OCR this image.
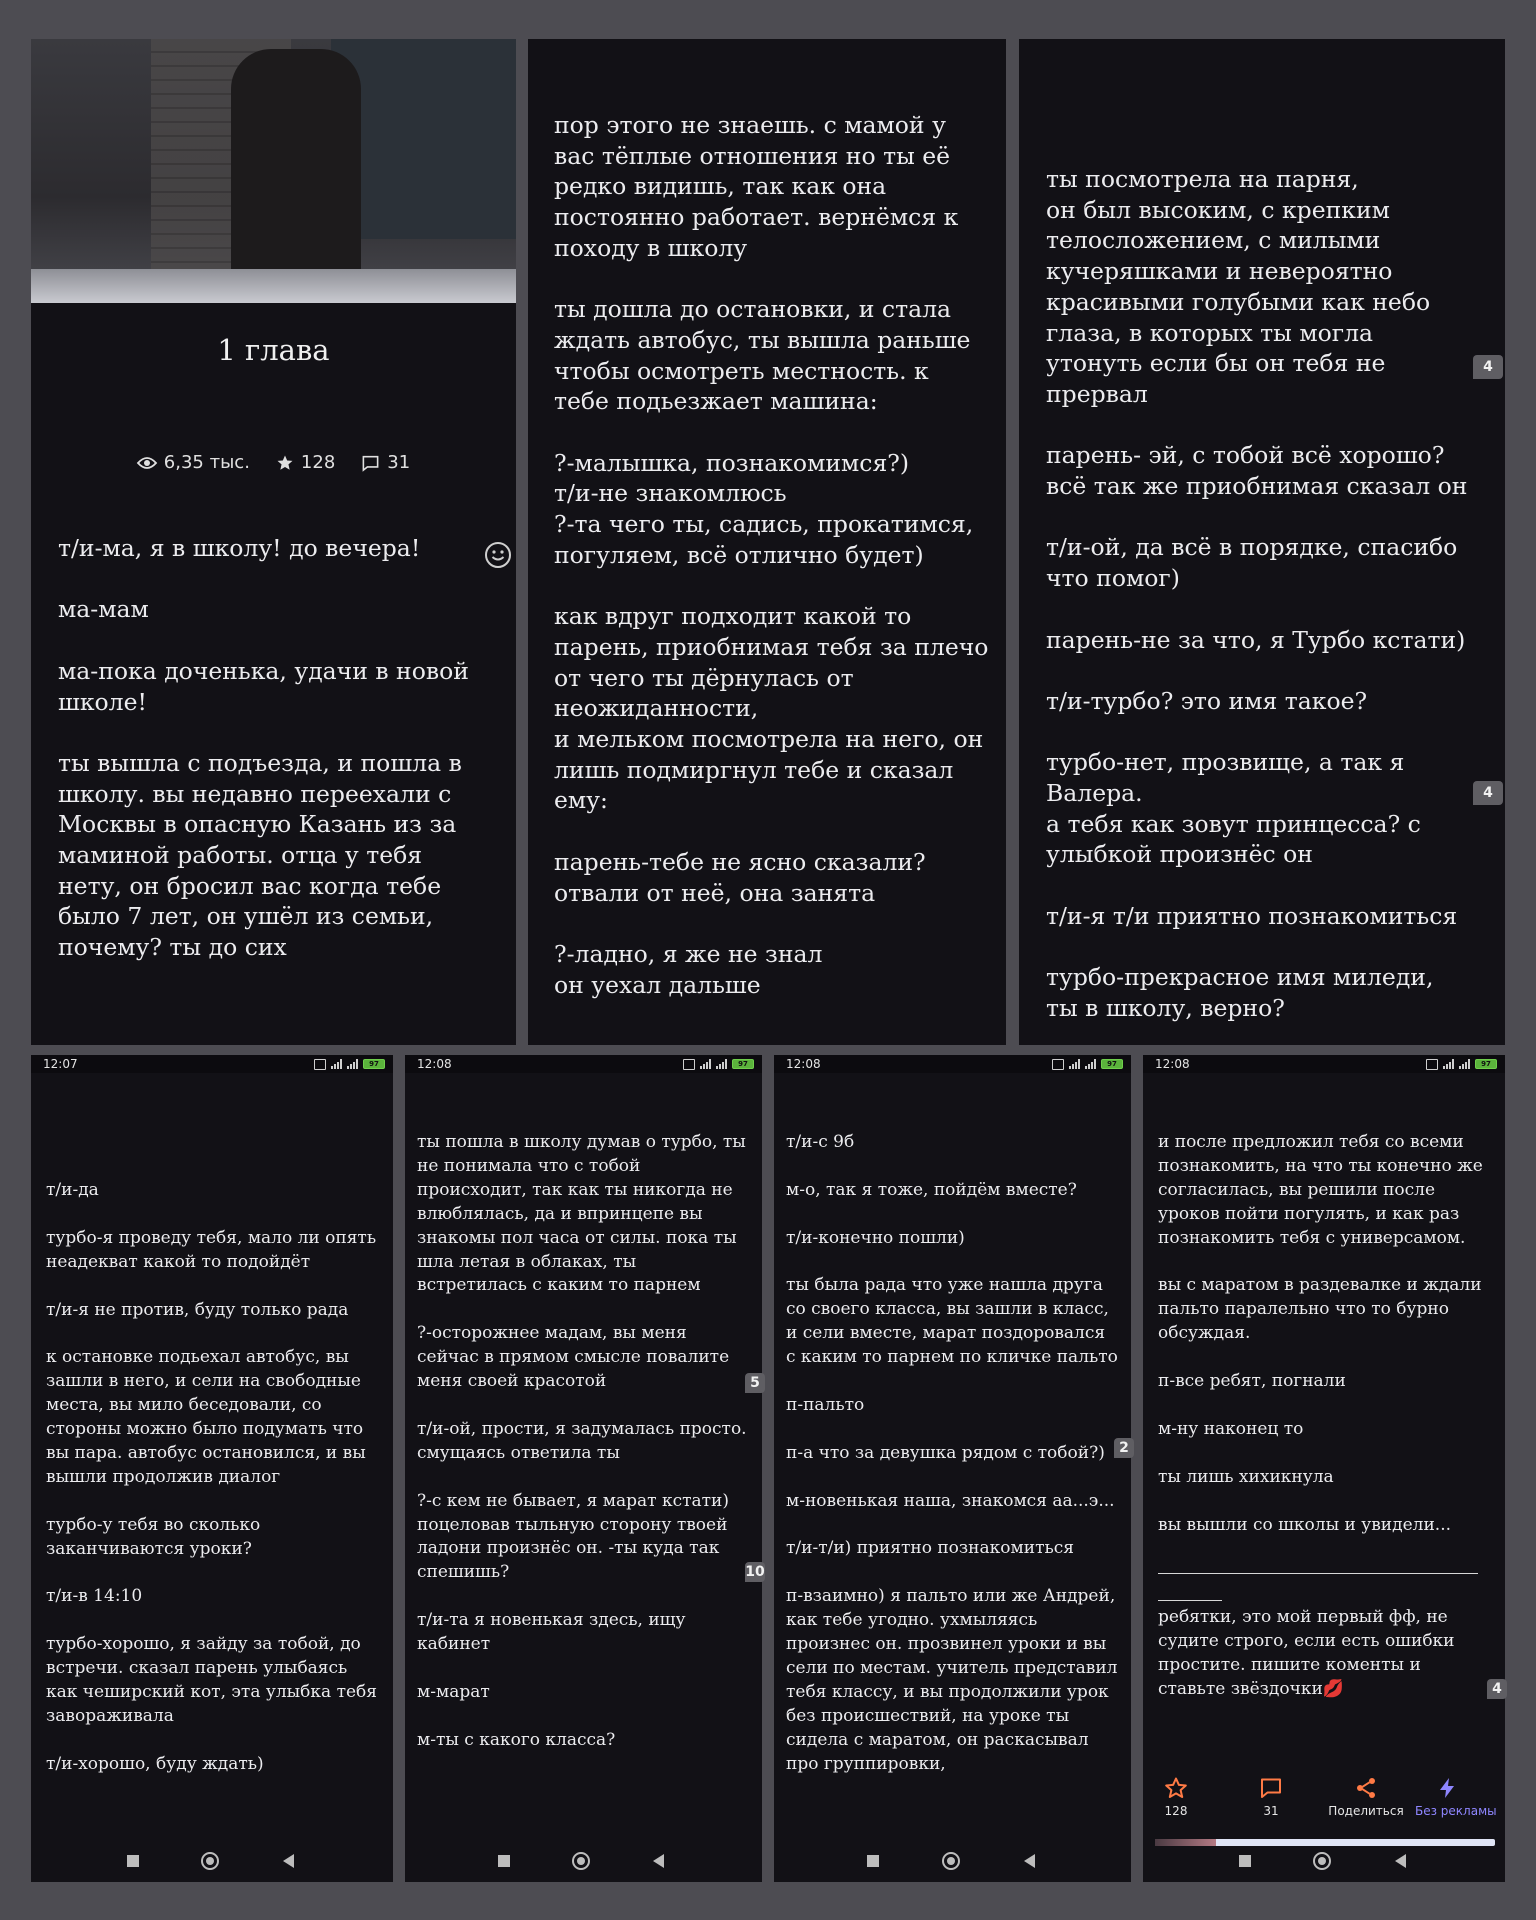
1 глава
6,35 тыс.	128	31

т/и-ма, я в школу! до вечера!

ма-мам

ма-пока доченька, удачи в новой школе!

ты вышла с подъезда, и пошла в школу. вы недавно переехали с Москвы в опасную Казань из за маминой работы. отца у тебя нету, он бросил вас когда тебе было 7 лет, он ушёл из семьи, почему? ты до сих

пор этого не знаешь. с мамой у вас тёплые отношения но ты её редко видишь, так как она постоянно работает. вернёмся к походу в школу

ты дошла до остановки, и стала ждать автобус, ты вышла раньше чтобы осмотреть местность. к тебе подьезжает машина:

?-малышка, познакомимся?)
т/и-не знакомлюсь
?-та чего ты, садись, прокатимся, погуляем, всё отлично будет)

как вдруг подходит какой то парень, приобнимая тебя за плечо от чего ты дёрнулась от неожиданности,
и мельком посмотрела на него, он лишь подмиргнул тебе и сказал ему:

парень-тебе не ясно сказали?
отвали от неё, она занята

?-ладно, я же не знал
он уехал дальше

ты посмотрела на парня,
он был высоким, с крепким телосложением, с милыми кучеряшками и невероятно красивыми голубыми как небо глаза, в которых ты могла утонуть если бы он тебя не прервал

парень- эй, с тобой всё хорошо? всё так же приобнимая сказал он

т/и-ой, да всё в порядке, спасибо что помог)

парень-не за что, я Турбо кстати)

т/и-турбо? это имя такое?

турбо-нет, прозвище, а так я Валера.
а тебя как зовут принцесса? с улыбкой произнёс он

т/и-я т/и приятно познакомиться

турбо-прекрасное имя миледи, ты в школу, верно?

4
4
12:07	97

т/и-да

турбо-я проведу тебя, мало ли опять неадекват какой то подойдёт

т/и-я не против, буду только рада

к остановке подьехал автобус, вы зашли в него, и сели на свободные места, вы мило беседовали, со стороны можно было подумать что вы пара. автобус остановился, и вы вышли продолжив диалог

турбо-у тебя во сколько заканчиваются уроки?

т/и-в 14:10

турбо-хорошо, я зайду за тобой, до встречи. сказал парень улыбаясь как чеширский кот, эта улыбка тебя завораживала

т/и-хорошо, буду ждать)

12:08	97

ты пошла в школу думав о турбо, ты не понимала что с тобой происходит, так как ты никогда не влюблялась, да и впринцепе вы знакомы пол часа от силы. пока ты шла летая в облаках, ты встретилась с каким то парнем

?-осторожнее мадам, вы меня сейчас в прямом смысле повалите меня своей красотой

т/и-ой, прости, я задумалась просто. смущаясь ответила ты

?-с кем не бывает, я марат кстати) поцеловав тыльную сторону твоей ладони произнёс он. -ты куда так спешишь?

т/и-та я новенькая здесь, ищу кабинет

м-марат

м-ты с какого класса?

5
10
12:08	97

т/и-с 9б

м-о, так я тоже, пойдём вместе?

т/и-конечно пошли)

ты была рада что уже нашла друга со своего класса, вы зашли в класс, и сели вместе, марат поздоровался с каким то парнем по кличке пальто

п-пальто

п-а что за девушка рядом с тобой?)

м-новенькая наша, знакомся аа...э...

т/и-т/и) приятно познакомиться

п-взаимно) я пальто или же Андрей, как тебе угодно. ухмыляясь произнес он. прозвинел уроки и вы сели по местам. учитель представил тебя классу, и вы продолжили урок без происшествий, на уроке ты сидела с маратом, он раскасывал про группировки,

2
12:08	97

и после предложил тебя со всеми познакомить, на что ты конечно же согласилась, вы решили после уроков пойти погулять, и как раз познакомить тебя с универсамом.

вы с маратом в раздевалке и ждали пальто паралельно что то бурно обсуждая.

п-все ребят, погнали

м-ну наконец то

ты лишь хихикнула

вы вышли со школы и увидели...

ребятки, это мой первый фф, не судите строго, если есть ошибки простите. пишите коменты и ставьте звёздочки💋	4
128	31	Поделиться Без рекламы
